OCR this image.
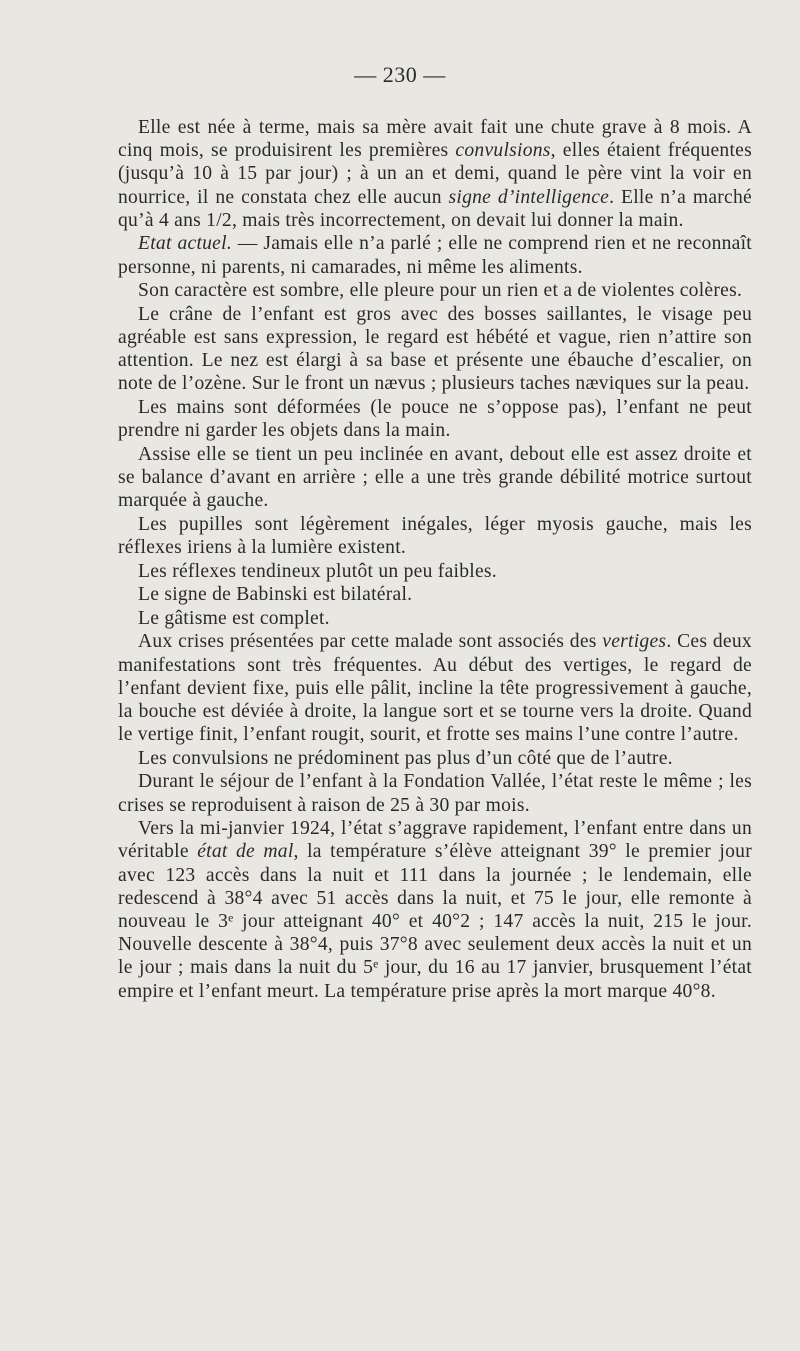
— 230 —

Elle est née à terme, mais sa mère avait fait une chute grave à 8 mois. A cinq mois, se produisirent les premières convulsions, elles étaient fréquentes (jusqu’à 10 à 15 par jour) ; à un an et demi, quand le père vint la voir en nourrice, il ne constata chez elle aucun signe d’intelligence. Elle n’a marché qu’à 4 ans 1/2, mais très incorrectement, on devait lui donner la main.

Etat actuel. — Jamais elle n’a parlé ; elle ne comprend rien et ne reconnaît personne, ni parents, ni camarades, ni même les aliments.

Son caractère est sombre, elle pleure pour un rien et a de violentes colères.

Le crâne de l’enfant est gros avec des bosses saillantes, le visage peu agréable est sans expression, le regard est hébété et vague, rien n’attire son attention. Le nez est élargi à sa base et présente une ébauche d’escalier, on note de l’ozène. Sur le front un nævus ; plusieurs taches næviques sur la peau.

Les mains sont déformées (le pouce ne s’oppose pas), l’enfant ne peut prendre ni garder les objets dans la main.

Assise elle se tient un peu inclinée en avant, debout elle est assez droite et se balance d’avant en arrière ; elle a une très grande débilité motrice surtout marquée à gauche.

Les pupilles sont légèrement inégales, léger myosis gauche, mais les réflexes iriens à la lumière existent.

Les réflexes tendineux plutôt un peu faibles.

Le signe de Babinski est bilatéral.

Le gâtisme est complet.

Aux crises présentées par cette malade sont associés des vertiges. Ces deux manifestations sont très fréquentes. Au début des vertiges, le regard de l’enfant devient fixe, puis elle pâlit, incline la tête progressivement à gauche, la bouche est déviée à droite, la langue sort et se tourne vers la droite. Quand le vertige finit, l’enfant rougit, sourit, et frotte ses mains l’une contre l’autre.

Les convulsions ne prédominent pas plus d’un côté que de l’autre.

Durant le séjour de l’enfant à la Fondation Vallée, l’état reste le même ; les crises se reproduisent à raison de 25 à 30 par mois.

Vers la mi-janvier 1924, l’état s’aggrave rapidement, l’enfant entre dans un véritable état de mal, la température s’élève atteignant 39° le premier jour avec 123 accès dans la nuit et 111 dans la journée ; le lendemain, elle redescend à 38°4 avec 51 accès dans la nuit, et 75 le jour, elle remonte à nouveau le 3ᵉ jour atteignant 40° et 40°2 ; 147 accès la nuit, 215 le jour. Nouvelle descente à 38°4, puis 37°8 avec seulement deux accès la nuit et un le jour ; mais dans la nuit du 5ᵉ jour, du 16 au 17 janvier, brusquement l’état empire et l’enfant meurt. La température prise après la mort marque 40°8.
